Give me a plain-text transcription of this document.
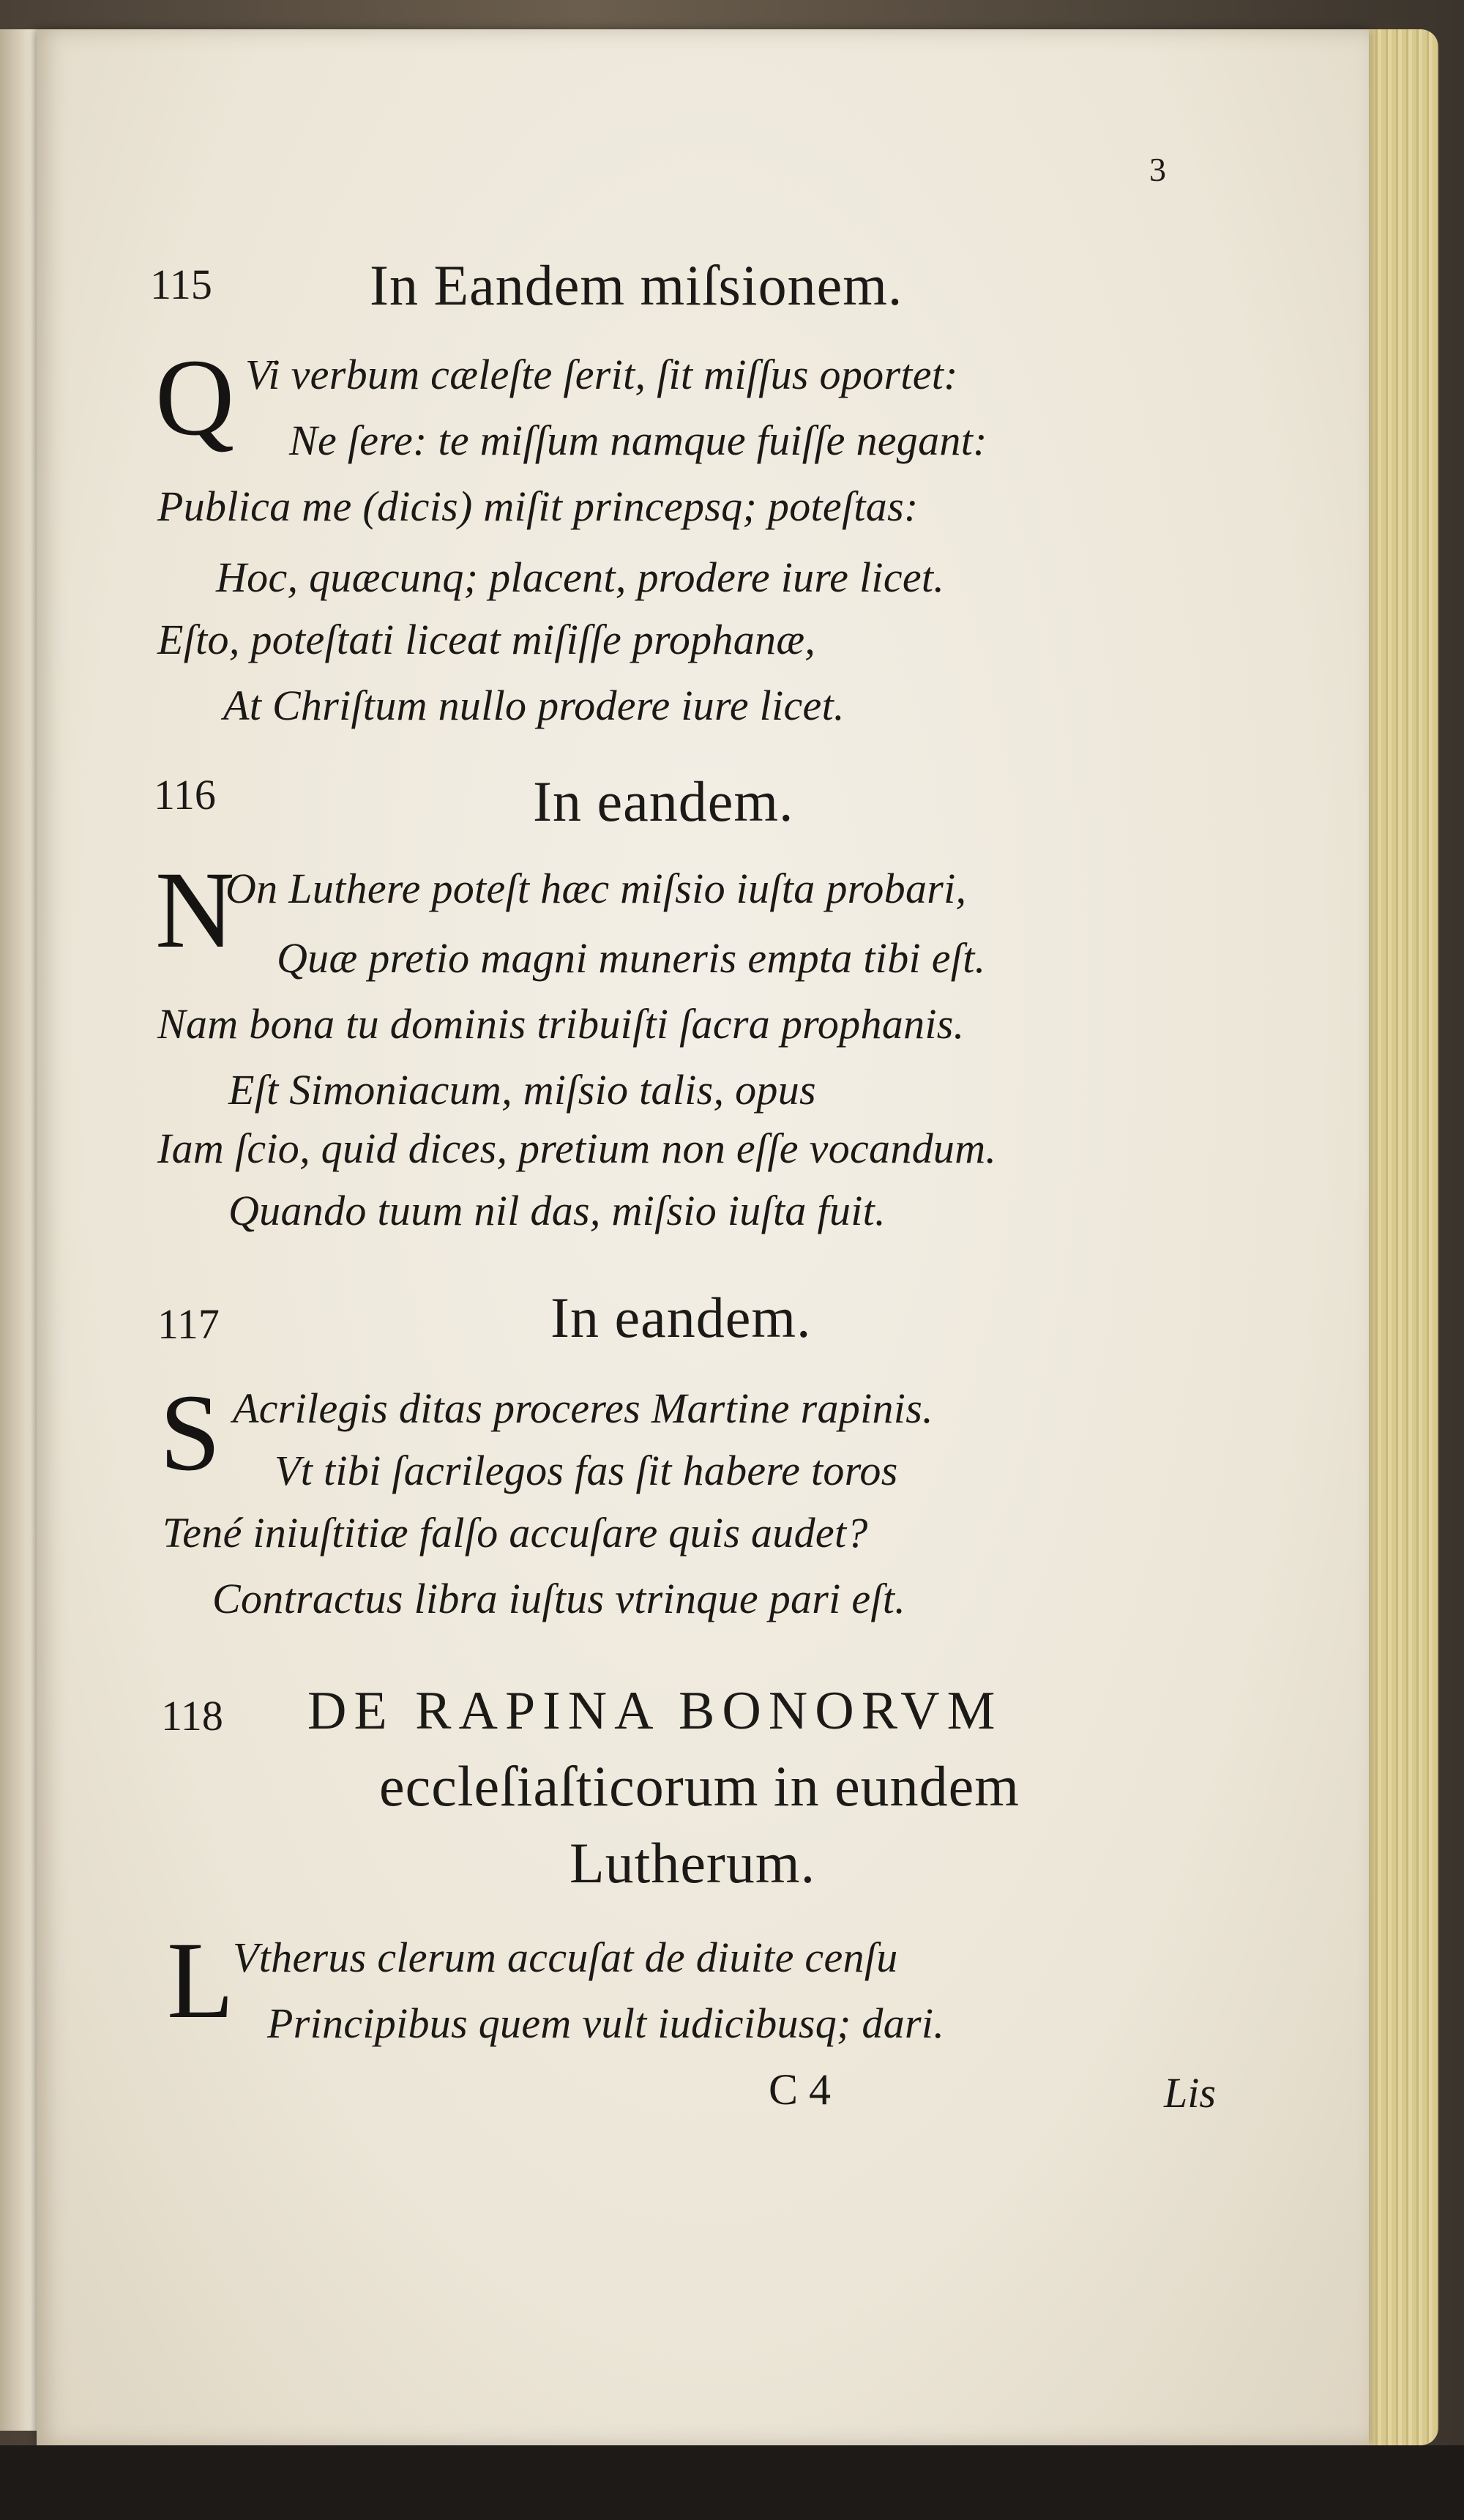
3
115	In Eandem miſsionem.
Q Vi verbum cæleſte ſerit, ſit miſſus oportet:
Ne ſere: te miſſum namque fuiſſe negant:
Publica me (dicis) miſit princepsq; poteſtas:
Hoc, quæcunq; placent, prodere iure licet.
Eſto, poteſtati liceat miſiſſe prophanæ,
At Chriſtum nullo prodere iure licet.
116	In eandem.
N
On Luthere poteſt hæc miſsio iuſta probari,
Quæ pretio magni muneris empta tibi eſt.
Nam bona tu dominis tribuiſti ſacra prophanis.
Eſt Simoniacum, miſsio talis, opus
Iam ſcio, quid dices, pretium non eſſe vocandum.
Quando tuum nil das, miſsio iuſta fuit.
117	In eandem.
S Acrilegis ditas proceres Martine rapinis.
Vt tibi ſacrilegos fas ſit habere toros
Tené iniuſtitiæ falſo accuſare quis audet?
Contractus libra iuſtus vtrinque pari eſt.
118 DE RAPINA BONORVM
eccleſiaſticorum in eundem
Lutherum.
L
Vtherus clerum accuſat de diuite cenſu
Principibus quem vult iudicibusq; dari.
C 4	Lis
